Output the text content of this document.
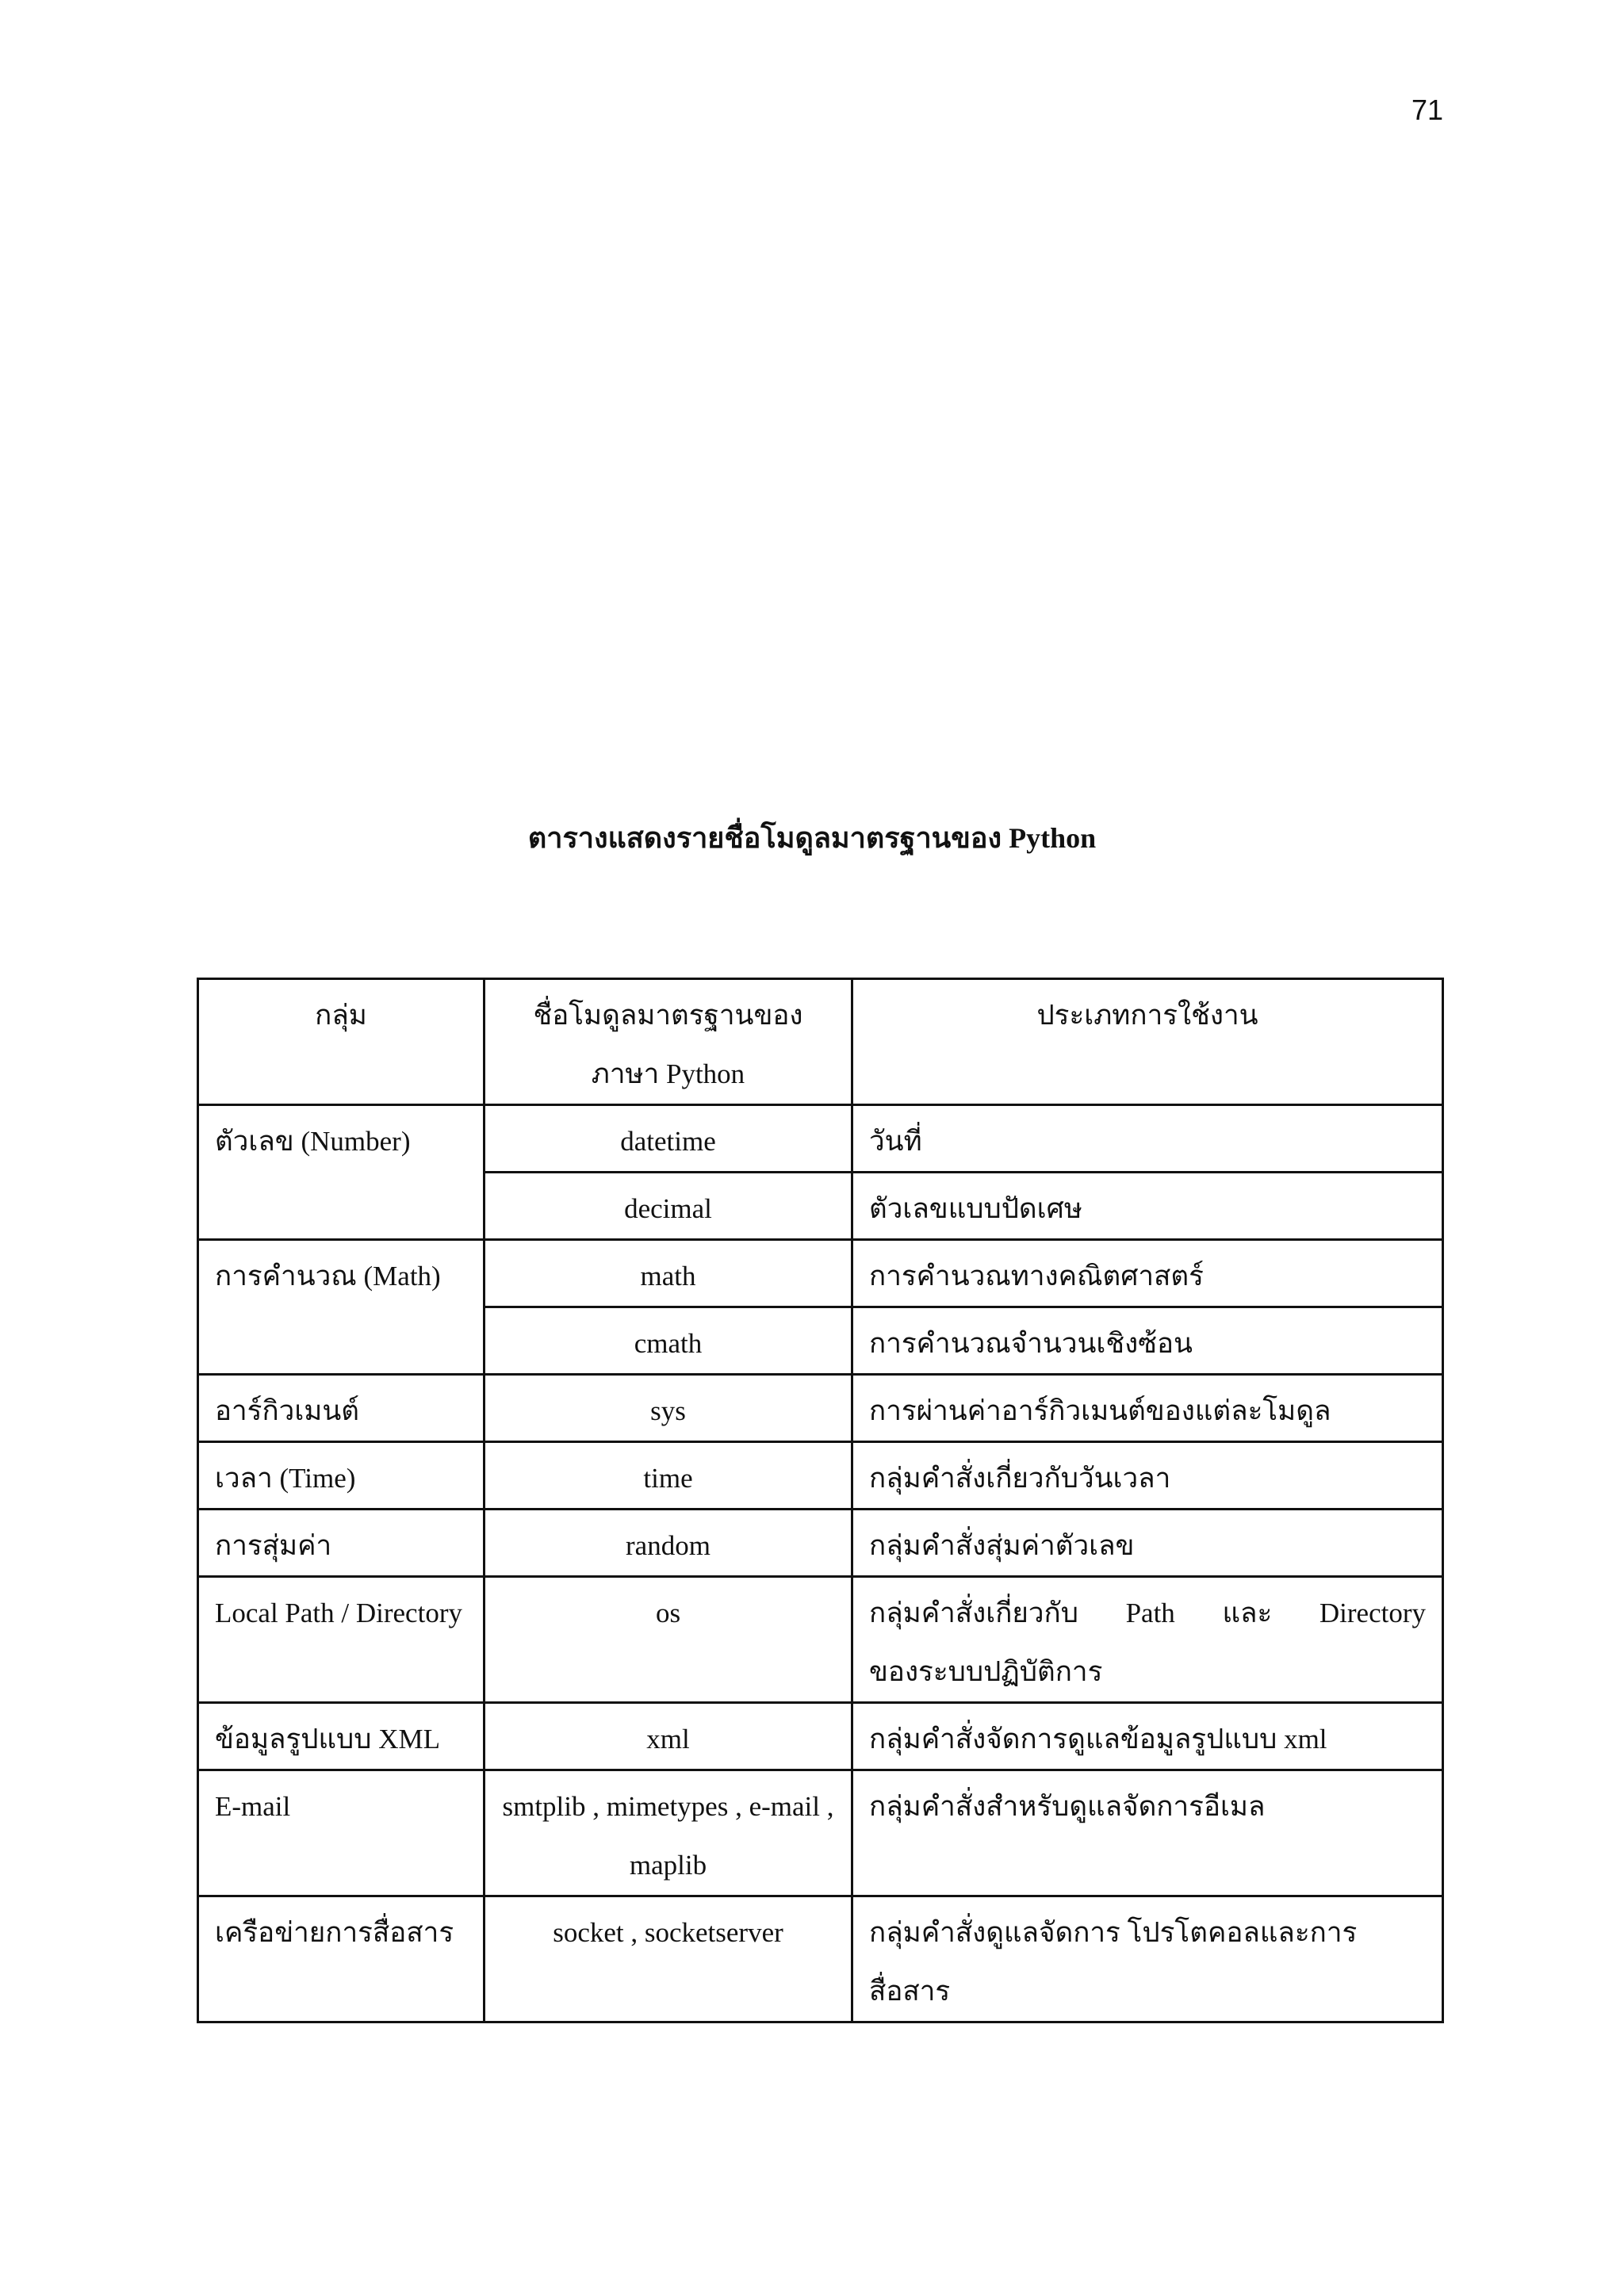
71
ตารางแสดงรายชื่อโมดูลมาตรฐานของ Python
กลุ่ม	ชื่อโมดูลมาตรฐานของภาษา Python	ประเภทการใช้งาน
ตัวเลข (Number)	datetime	วันที่
	decimal	ตัวเลขแบบปัดเศษ
การคำนวณ (Math)	math	การคำนวณทางคณิตศาสตร์
	cmath	การคำนวณจำนวนเชิงซ้อน
อาร์กิวเมนต์	sys	การผ่านค่าอาร์กิวเมนต์ของแต่ละโมดูล
เวลา (Time)	time	กลุ่มคำสั่งเกี่ยวกับวันเวลา
การสุ่มค่า	random	กลุ่มคำสั่งสุ่มค่าตัวเลข
Local Path / Directory	os	กลุ่มคำสั่งเกี่ยวกับ Path และ Directory
ของระบบปฏิบัติการ

ข้อมูลรูปแบบ XML	xml	กลุ่มคำสั่งจัดการดูแลข้อมูลรูปแบบ xml
E-mail	smtplib , mimetypes , e-mail , maplib	กลุ่มคำสั่งสำหรับดูแลจัดการอีเมล
เครือข่ายการสื่อสาร	socket , socketserver	กลุ่มคำสั่งดูแลจัดการ โปรโตคอลและการสื่อสาร
